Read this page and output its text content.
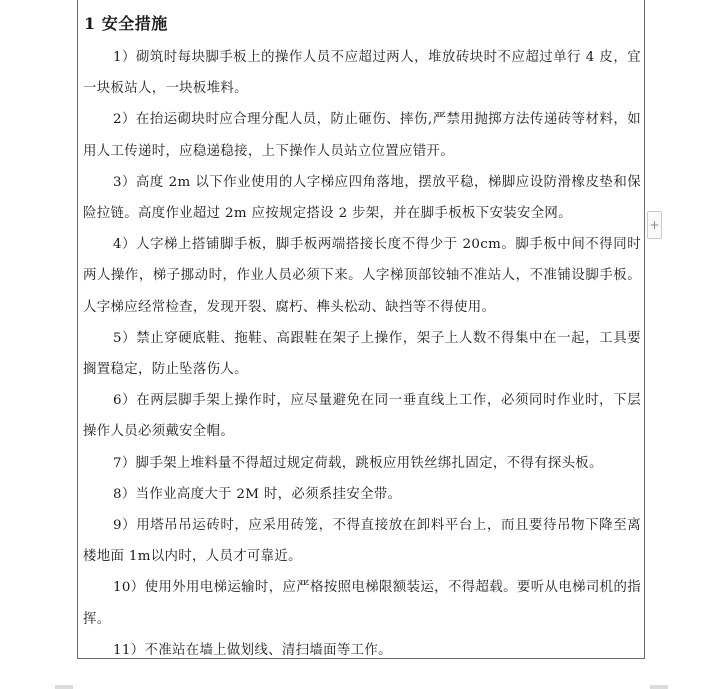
1 安全措施

1）砌筑时每块脚手板上的操作人员不应超过两人，堆放砖块时不应超过单行 4 皮，宜一块板站人，一块板堆料。

2）在抬运砌块时应合理分配人员，防止砸伤、摔伤,严禁用抛掷方法传递砖等材料，如用人工传递时，应稳递稳接，上下操作人员站立位置应错开。

3）高度 2m 以下作业使用的人字梯应四角落地，摆放平稳，梯脚应设防滑橡皮垫和保险拉链。高度作业超过 2m 应按规定搭设 2 步架，并在脚手板板下安装安全网。

4）人字梯上搭铺脚手板，脚手板两端搭接长度不得少于 20cm。脚手板中间不得同时两人操作，梯子挪动时，作业人员必须下来。人字梯顶部铰轴不准站人，不准铺设脚手板。人字梯应经常检查，发现开裂、腐朽、榫头松动、缺挡等不得使用。

5）禁止穿硬底鞋、拖鞋、高跟鞋在架子上操作，架子上人数不得集中在一起，工具要搁置稳定，防止坠落伤人。

6）在两层脚手架上操作时，应尽量避免在同一垂直线上工作，必须同时作业时，下层操作人员必须戴安全帽。

7）脚手架上堆料量不得超过规定荷载，跳板应用铁丝绑扎固定，不得有探头板。

8）当作业高度大于 2M 时，必须系挂安全带。

9）用塔吊吊运砖时，应采用砖笼，不得直接放在卸料平台上，而且要待吊物下降至离楼地面 1m以内时，人员才可靠近。

10）使用外用电梯运输时，应严格按照电梯限额装运，不得超载。要听从电梯司机的指挥。

11）不准站在墙上做划线、清扫墙面等工作。

+
